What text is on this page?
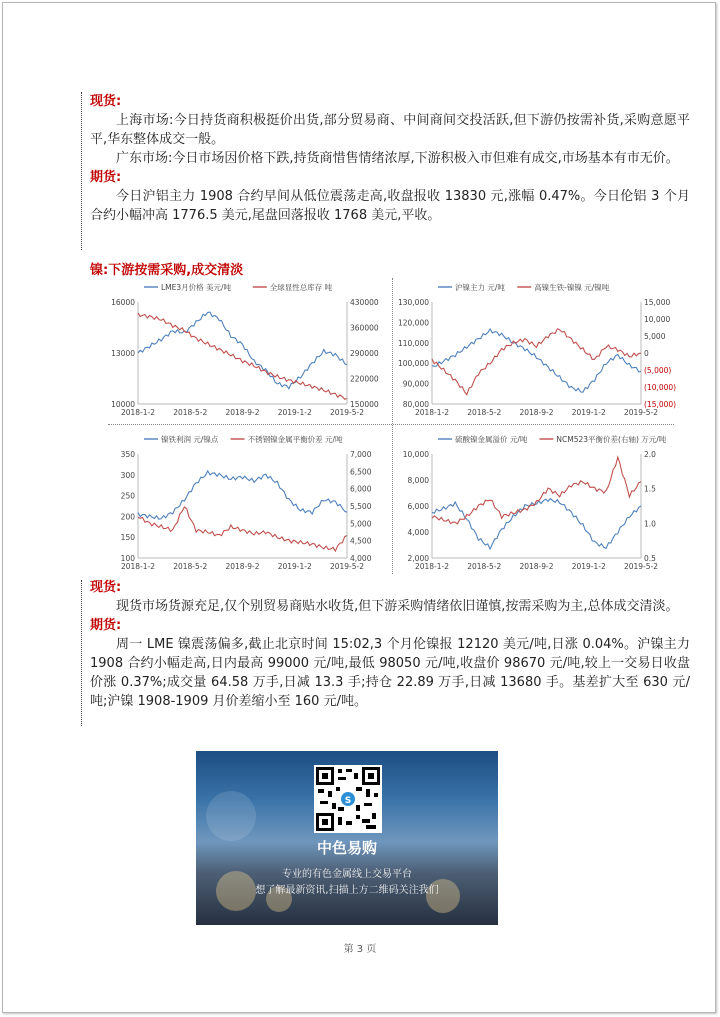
现货:

上海市场:今日持货商积极挺价出货,部分贸易商、中间商间交投活跃,但下游仍按需补货,采购意愿平平,华东整体成交一般。

广东市场:今日市场因价格下跌,持货商惜售情绪浓厚,下游积极入市但难有成交,市场基本有市无价。

期货:

今日沪铝主力 1908 合约早间从低位震荡走高,收盘报收 13830 元,涨幅 0.47%。今日伦铝 3 个月合约小幅冲高 1776.5 美元,尾盘回落报收 1768 美元,平收。

镍:下游按需采购,成交清淡
LME3月价格 美元/吨	全球显性总库存 吨
16000
13000
10000
430000
360000
290000
220000
150000
2018-1-2 2018-5-2 2018-9-2 2019-1-2 2019-5-2
沪镍主力 元/吨	高镍生铁-镍镍 元/镍吨
130,000
120,000
110,000
100,000
90,000
80,000
15,000
10,000
5,000
0
(5,000)
(10,000)
(15,000)
2018-1-2 2018-5-2 2018-9-2 2019-1-2 2019-5-2
镍铁利润 元/镍点	不锈钢镍金属平衡价差 元/吨
350
300
250
200
150
100
7,000
6,500
6,000
5,500
5,000
4,500
4,000
2018-1-2 2018-5-2 2018-9-2 2019-1-2 2019-5-2
硫酸镍金属溢价 元/吨	NCM523平衡价差(右轴) 万元/吨
10,000
8,000
6,000
4,000
2,000
2.0
1.5
1.0
0.5
2018-1-2 2018-5-2 2018-9-2 2019-1-2 2019-5-2
现货:

现货市场货源充足,仅个别贸易商贴水收货,但下游采购情绪依旧谨慎,按需采购为主,总体成交清淡。

期货:

周一 LME 镍震荡偏多,截止北京时间 15:02,3 个月伦镍报 12120 美元/吨,日涨 0.04%。沪镍主力 1908 合约小幅走高,日内最高 99000 元/吨,最低 98050 元/吨,收盘价 98670 元/吨,较上一交易日收盘价涨 0.37%;成交量 64.58 万手,日减 13.3 手;持仓 22.89 万手,日减 13680 手。基差扩大至 630 元/吨;沪镍 1908-1909 月价差缩小至 160 元/吨。

S
中色易购
专业的有色金属线上交易平台
想了解最新资讯,扫描上方二维码关注我们
第 3 页
